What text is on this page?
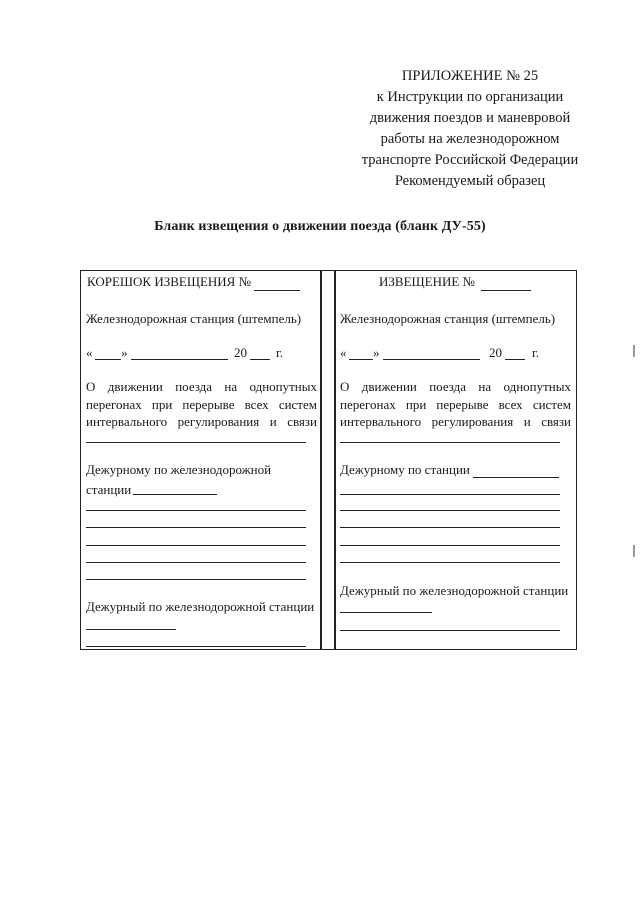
ПРИЛОЖЕНИЕ № 25
к Инструкции по организации
движения поездов и маневровой
работы на железнодорожном
транспорте Российской Федерации
Рекомендуемый образец
Бланк извещения о движении поезда (бланк ДУ-55)
КОРЕШОК ИЗВЕЩЕНИЯ №
Железнодорожная станция (штемпель)
« »	20 г.
О движении поезда на однопутных
перегонах при перерыве всех систем
интервального регулирования и связи
Дежурному по железнодорожной
станции
Дежурный по железнодорожной станции
ИЗВЕЩЕНИЕ №
Железнодорожная станция (штемпель)
« »	20 г.
О движении поезда на однопутных
перегонах при перерыве всех систем
интервального регулирования и связи
Дежурному по станции
Дежурный по железнодорожной станции
